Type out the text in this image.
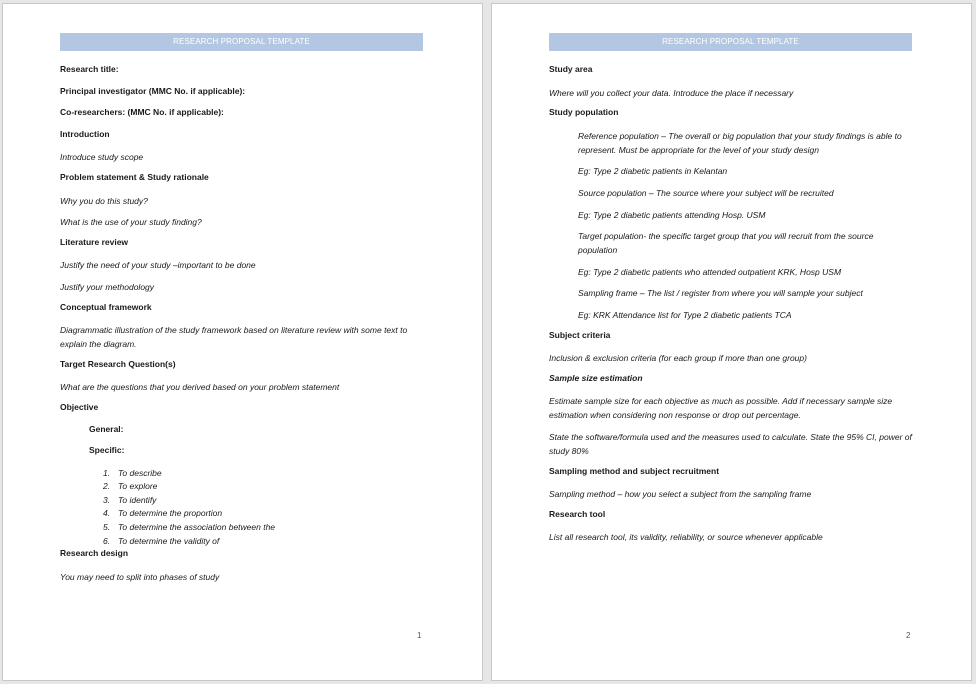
RESEARCH PROPOSAL TEMPLATE

Research title:

Principal investigator (MMC No. if applicable):

Co-researchers: (MMC No. if applicable):

Introduction

Introduce study scope

Problem statement & Study rationale

Why you do this study?

What is the use of your study finding?

Literature review

Justify the need of your study –important to be done

Justify your methodology

Conceptual framework

Diagrammatic illustration of the study framework based on literature review with some text to explain the diagram.

Target Research Question(s)

What are the questions that you derived based on your problem statement

Objective

General:

Specific:

1. To describe
2. To explore
3. To identify
4. To determine the proportion
5. To determine the association between the
6. To determine the validity of

Research design

You may need to split into phases of study

1
RESEARCH PROPOSAL TEMPLATE

Study area

Where will you collect your data. Introduce the place if necessary

Study population

Reference population – The overall or big population that your study findings is able to represent. Must be appropriate for the level of your study design

Eg: Type 2 diabetic patients in Kelantan

Source population – The source where your subject will be recruited

Eg: Type 2 diabetic patients attending Hosp. USM

Target population- the specific target group that you will recruit from the source population

Eg: Type 2 diabetic patients who attended outpatient KRK, Hosp USM

Sampling frame – The list / register from where you will sample your subject

Eg: KRK Attendance list for Type 2 diabetic patients TCA

Subject criteria

Inclusion & exclusion criteria (for each group if more than one group)

Sample size estimation

Estimate sample size for each objective as much as possible. Add if necessary sample size estimation when considering non response or drop out percentage.

State the software/formula used and the measures used to calculate. State the 95% CI, power of study 80%

Sampling method and subject recruitment

Sampling method – how you select a subject from the sampling frame

Research tool

List all research tool, its validity, reliability, or source whenever applicable

2
